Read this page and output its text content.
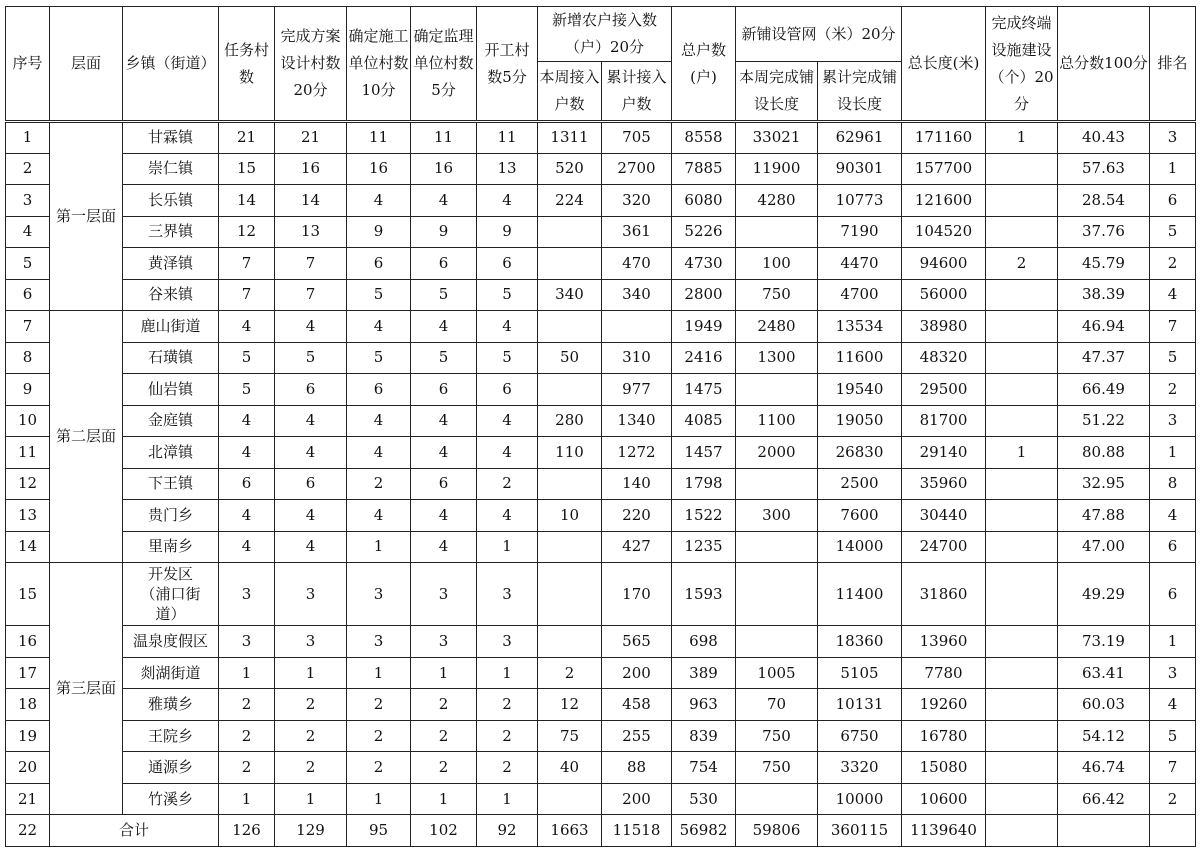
序号	层面	乡镇（街道）	任务村数	完成方案设计村数20分	确定施工单位村数10分	确定监理单位村数5分	开工村数5分	新增农户接入数（户）20分		总户数(户)	新铺设管网（米）20分		总长度(米)	完成终端设施建设（个）20分	总分数100分	排名
								本周接入户数	累计接入户数		本周完成铺设长度	累计完成铺设长度				
1	第一层面	甘霖镇	21	21	11	11	11	1311	705	8558	33021	62961	171160	1	40.43	3
2		崇仁镇	15	16	16	16	13	520	2700	7885	11900	90301	157700		57.63	1
3		长乐镇	14	14	4	4	4	224	320	6080	4280	10773	121600		28.54	6
4		三界镇	12	13	9	9	9		361	5226		7190	104520		37.76	5
5		黄泽镇	7	7	6	6	6		470	4730	100	4470	94600	2	45.79	2
6		谷来镇	7	7	5	5	5	340	340	2800	750	4700	56000		38.39	4
7	第二层面	鹿山街道	4	4	4	4	4			1949	2480	13534	38980		46.94	7
8		石璜镇	5	5	5	5	5	50	310	2416	1300	11600	48320		47.37	5
9		仙岩镇	5	6	6	6	6		977	1475		19540	29500		66.49	2
10		金庭镇	4	4	4	4	4	280	1340	4085	1100	19050	81700		51.22	3
11		北漳镇	4	4	4	4	4	110	1272	1457	2000	26830	29140	1	80.88	1
12		下王镇	6	6	2	6	2		140	1798		2500	35960		32.95	8
13		贵门乡	4	4	4	4	4	10	220	1522	300	7600	30440		47.88	4
14		里南乡	4	4	1	4	1		427	1235		14000	24700		47.00	6
15	第三层面	开发区（浦口街道）	3	3	3	3	3		170	1593		11400	31860		49.29	6
16		温泉度假区	3	3	3	3	3		565	698		18360	13960		73.19	1
17		剡湖街道	1	1	1	1	1	2	200	389	1005	5105	7780		63.41	3
18		雅璜乡	2	2	2	2	2	12	458	963	70	10131	19260		60.03	4
19		王院乡	2	2	2	2	2	75	255	839	750	6750	16780		54.12	5
20		通源乡	2	2	2	2	2	40	88	754	750	3320	15080		46.74	7
21		竹溪乡	1	1	1	1	1		200	530		10000	10600		66.42	2
22	合计		126	129	95	102	92	1663	11518	56982	59806	360115	1139640			
